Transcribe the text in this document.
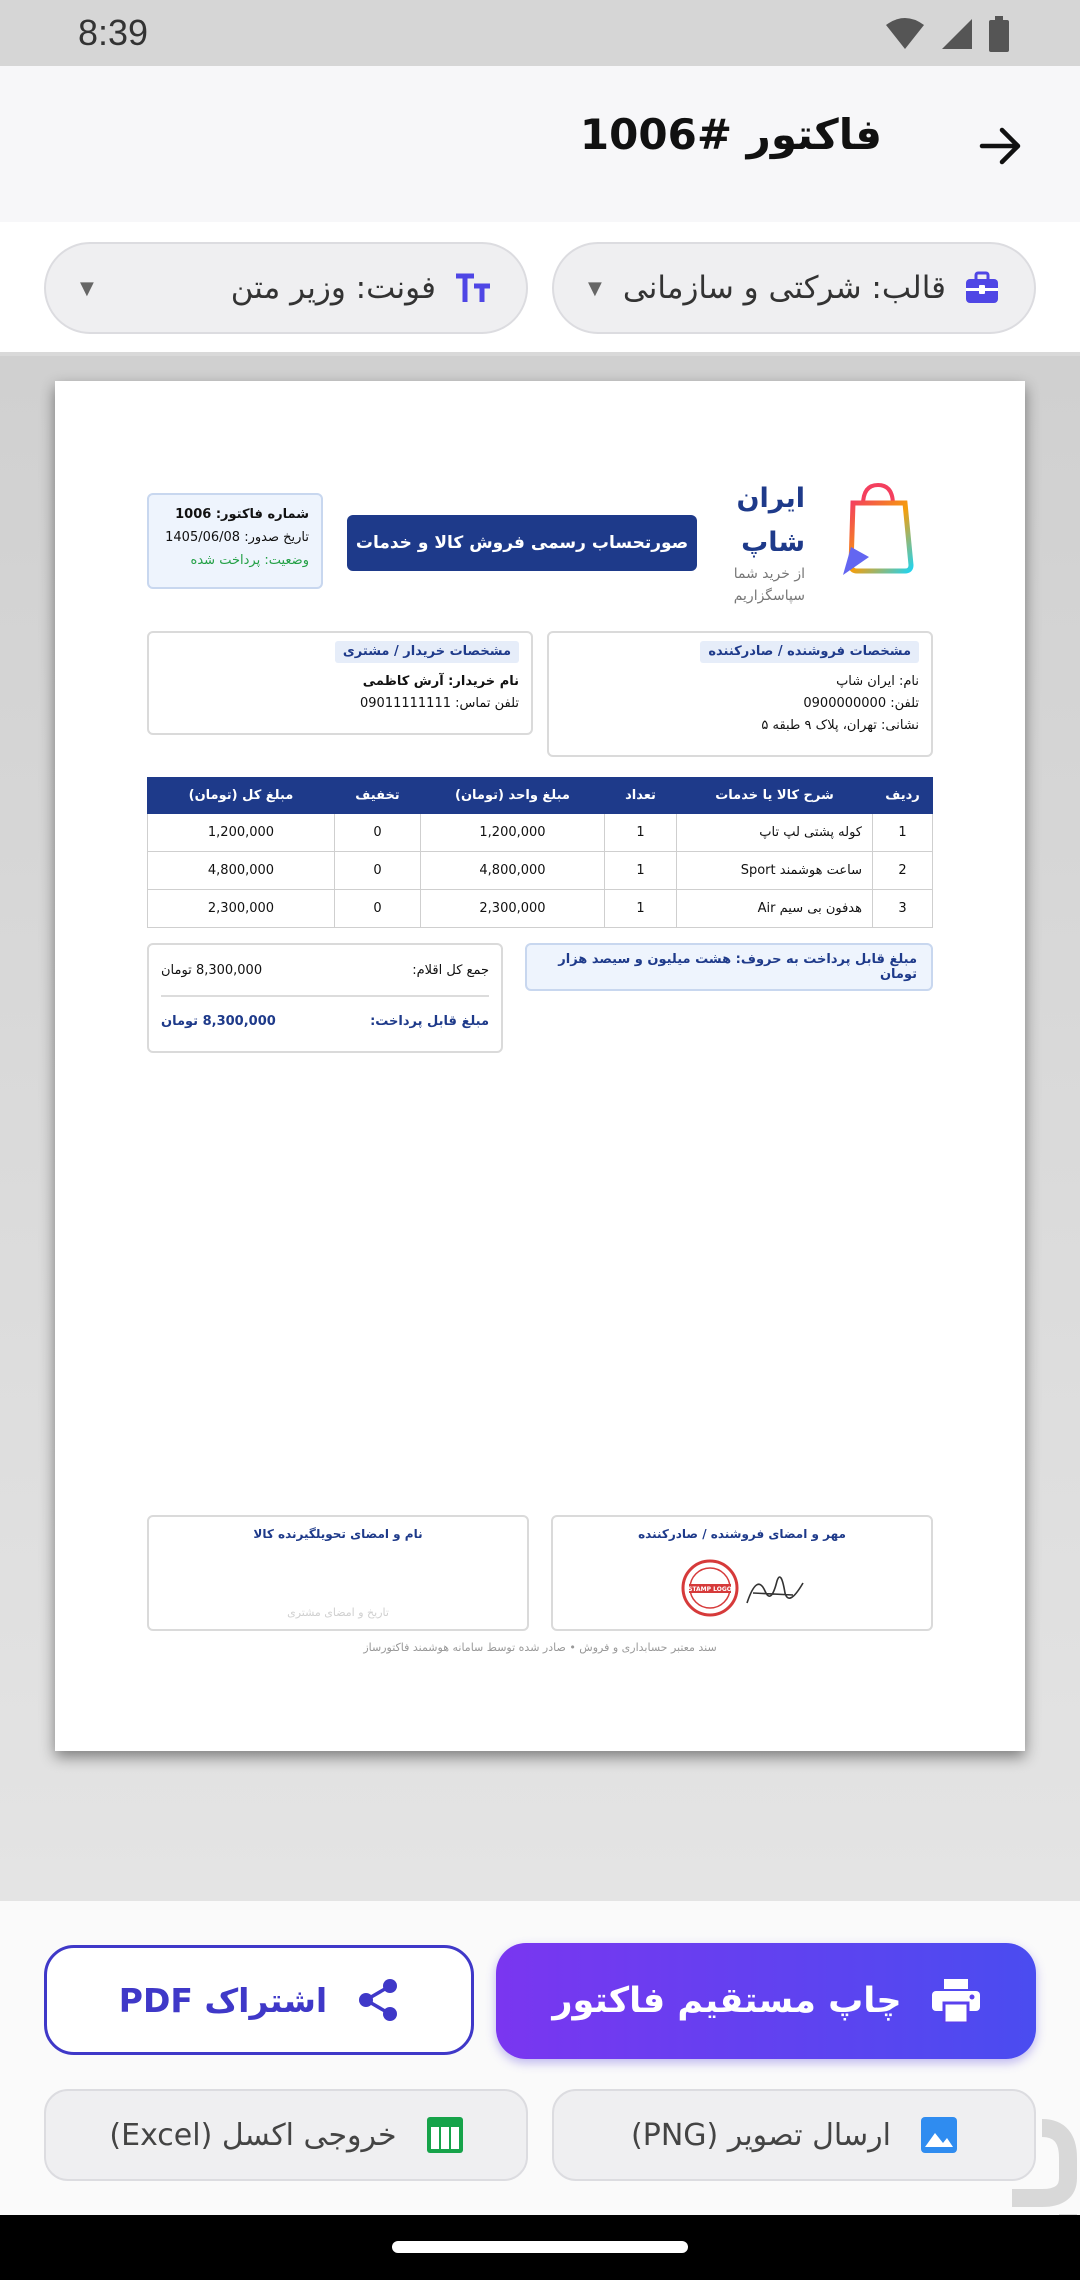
8:39
فاکتور #1006
قالب: شرکتی و سازمانی
▼
فونت: وزیر متن
▼
ایران
شاپ
از خرید شما
سپاسگزاریم
صورتحساب رسمی فروش کالا و خدمات
شماره فاکتور: 1006
تاریخ صدور: 1405/06/08
وضعیت: پرداخت شده
مشخصات فروشنده / صادرکننده
نام: ایران شاپ
تلفن: 0900000000
نشانی: تهران، پلاک ۹ طبقه ۵
مشخصات خریدار / مشتری
نام خریدار: آرش کاظمی
تلفن تماس: 09011111111
ردیف	شرح کالا یا خدمات	تعداد	مبلغ واحد (تومان)	تخفیف	مبلغ کل (تومان)
1	کوله پشتی لپ تاپ	1	1,200,000	0	1,200,000
2	ساعت هوشمند Sport	1	4,800,000	0	4,800,000
3	هدفون بی سیم Air	1	2,300,000	0	2,300,000
مبلغ قابل پرداخت به حروف: هشت میلیون و سیصد هزار تومان
جمع کل اقلام:
8,300,000 تومان
مبلغ قابل پرداخت:
8,300,000 تومان
مهر و امضای فروشنده / صادرکننده
STAMP LOGO
نام و امضای تحویلگیرنده کالا
تاریخ و امضای مشتری
سند معتبر حسابداری و فروش • صادر شده توسط سامانه هوشمند فاکتورساز
چاپ مستقیم فاکتور
اشتراک PDF
ارسال تصویر (PNG)
خروجی اکسل (Excel)
